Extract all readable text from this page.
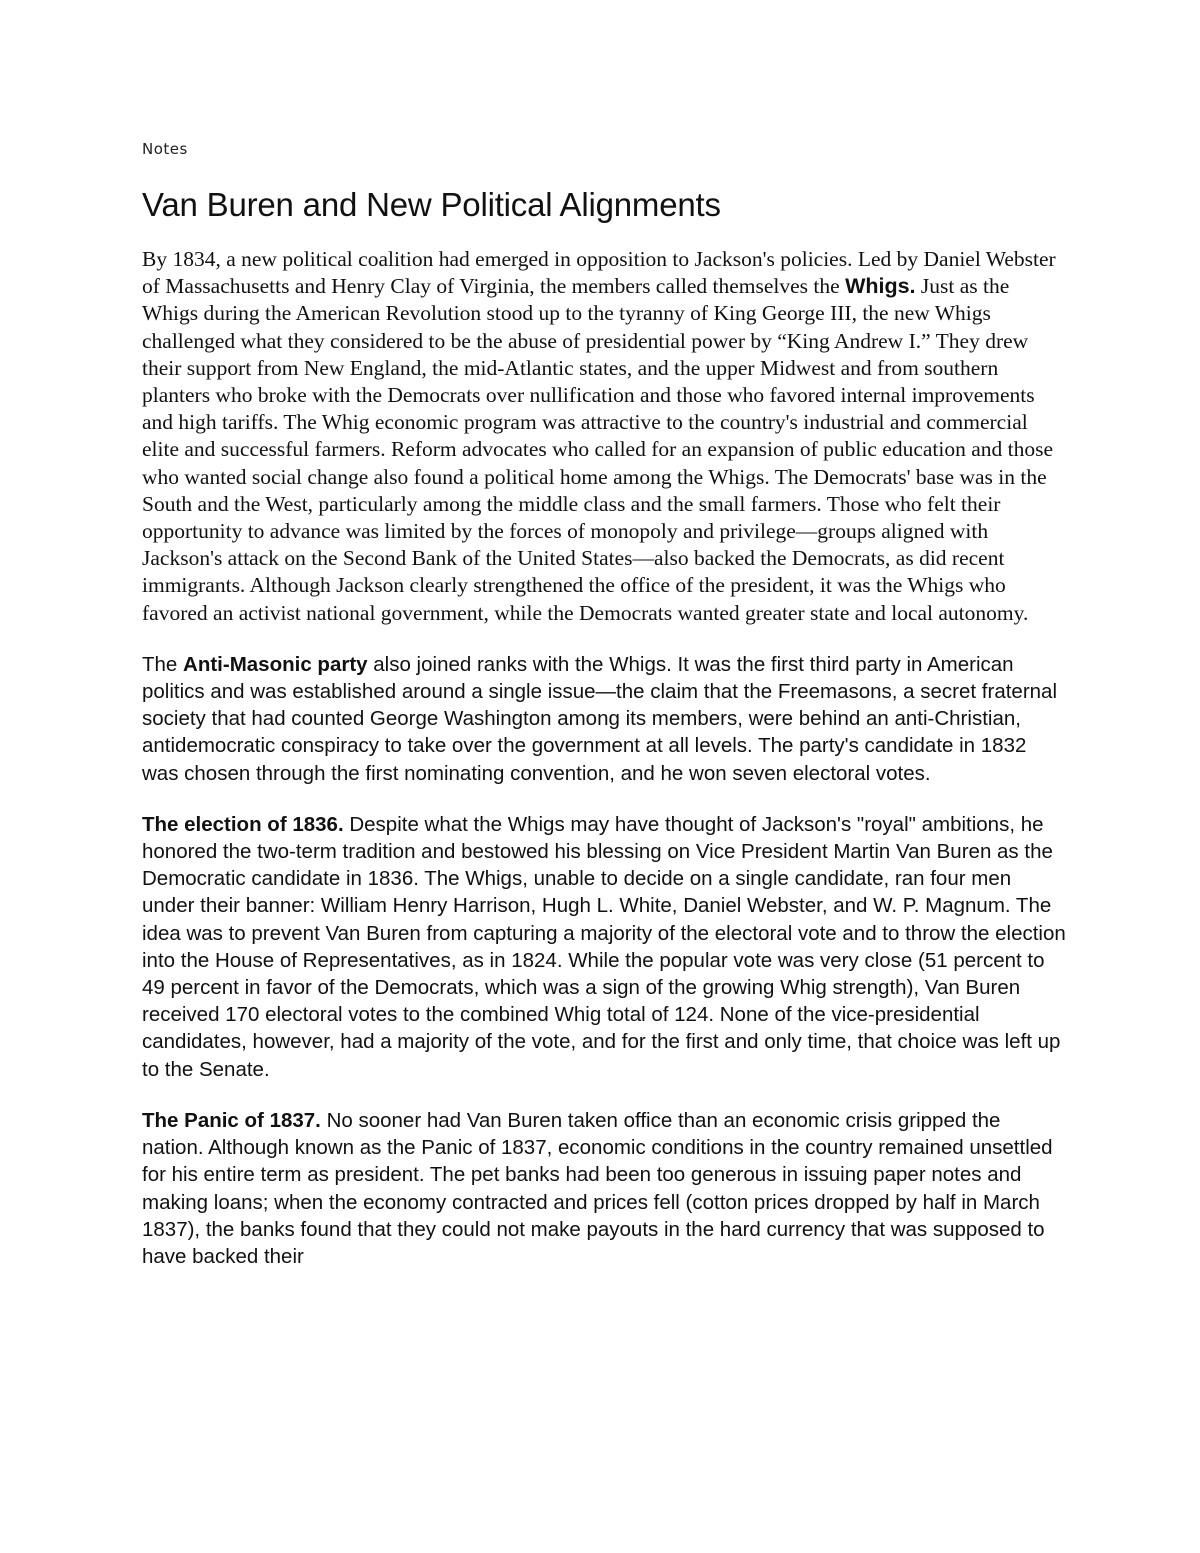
Notes
Van Buren and New Political Alignments

By 1834, a new political coalition had emerged in opposition to Jackson's policies. Led by Daniel Webster of Massachusetts and Henry Clay of Virginia, the members called themselves the Whigs. Just as the Whigs during the American Revolution stood up to the tyranny of King George III, the new Whigs challenged what they considered to be the abuse of presidential power by “King Andrew I.” They drew their support from New England, the mid-Atlantic states, and the upper Midwest and from southern planters who broke with the Democrats over nullification and those who favored internal improvements and high tariffs. The Whig economic program was attractive to the country's industrial and commercial elite and successful farmers. Reform advocates who called for an expansion of public education and those who wanted social change also found a political home among the Whigs. The Democrats' base was in the South and the West, particularly among the middle class and the small farmers. Those who felt their opportunity to advance was limited by the forces of monopoly and privilege—groups aligned with Jackson's attack on the Second Bank of the United States—also backed the Democrats, as did recent immigrants. Although Jackson clearly strengthened the office of the president, it was the Whigs who favored an activist national government, while the Democrats wanted greater state and local autonomy.

The Anti-Masonic party also joined ranks with the Whigs. It was the first third party in American politics and was established around a single issue—the claim that the Freemasons, a secret fraternal society that had counted George Washington among its members, were behind an anti-Christian, antidemocratic conspiracy to take over the government at all levels. The party's candidate in 1832 was chosen through the first nominating convention, and he won seven electoral votes.

The election of 1836. Despite what the Whigs may have thought of Jackson's "royal" ambitions, he honored the two-term tradition and bestowed his blessing on Vice President Martin Van Buren as the Democratic candidate in 1836. The Whigs, unable to decide on a single candidate, ran four men under their banner: William Henry Harrison, Hugh L. White, Daniel Webster, and W. P. Magnum. The idea was to prevent Van Buren from capturing a majority of the electoral vote and to throw the election into the House of Representatives, as in 1824. While the popular vote was very close (51 percent to 49 percent in favor of the Democrats, which was a sign of the growing Whig strength), Van Buren received 170 electoral votes to the combined Whig total of 124. None of the vice-presidential candidates, however, had a majority of the vote, and for the first and only time, that choice was left up to the Senate.

The Panic of 1837. No sooner had Van Buren taken office than an economic crisis gripped the nation. Although known as the Panic of 1837, economic conditions in the country remained unsettled for his entire term as president. The pet banks had been too generous in issuing paper notes and making loans; when the economy contracted and prices fell (cotton prices dropped by half in March 1837), the banks found that they could not make payouts in the hard currency that was supposed to have backed their
